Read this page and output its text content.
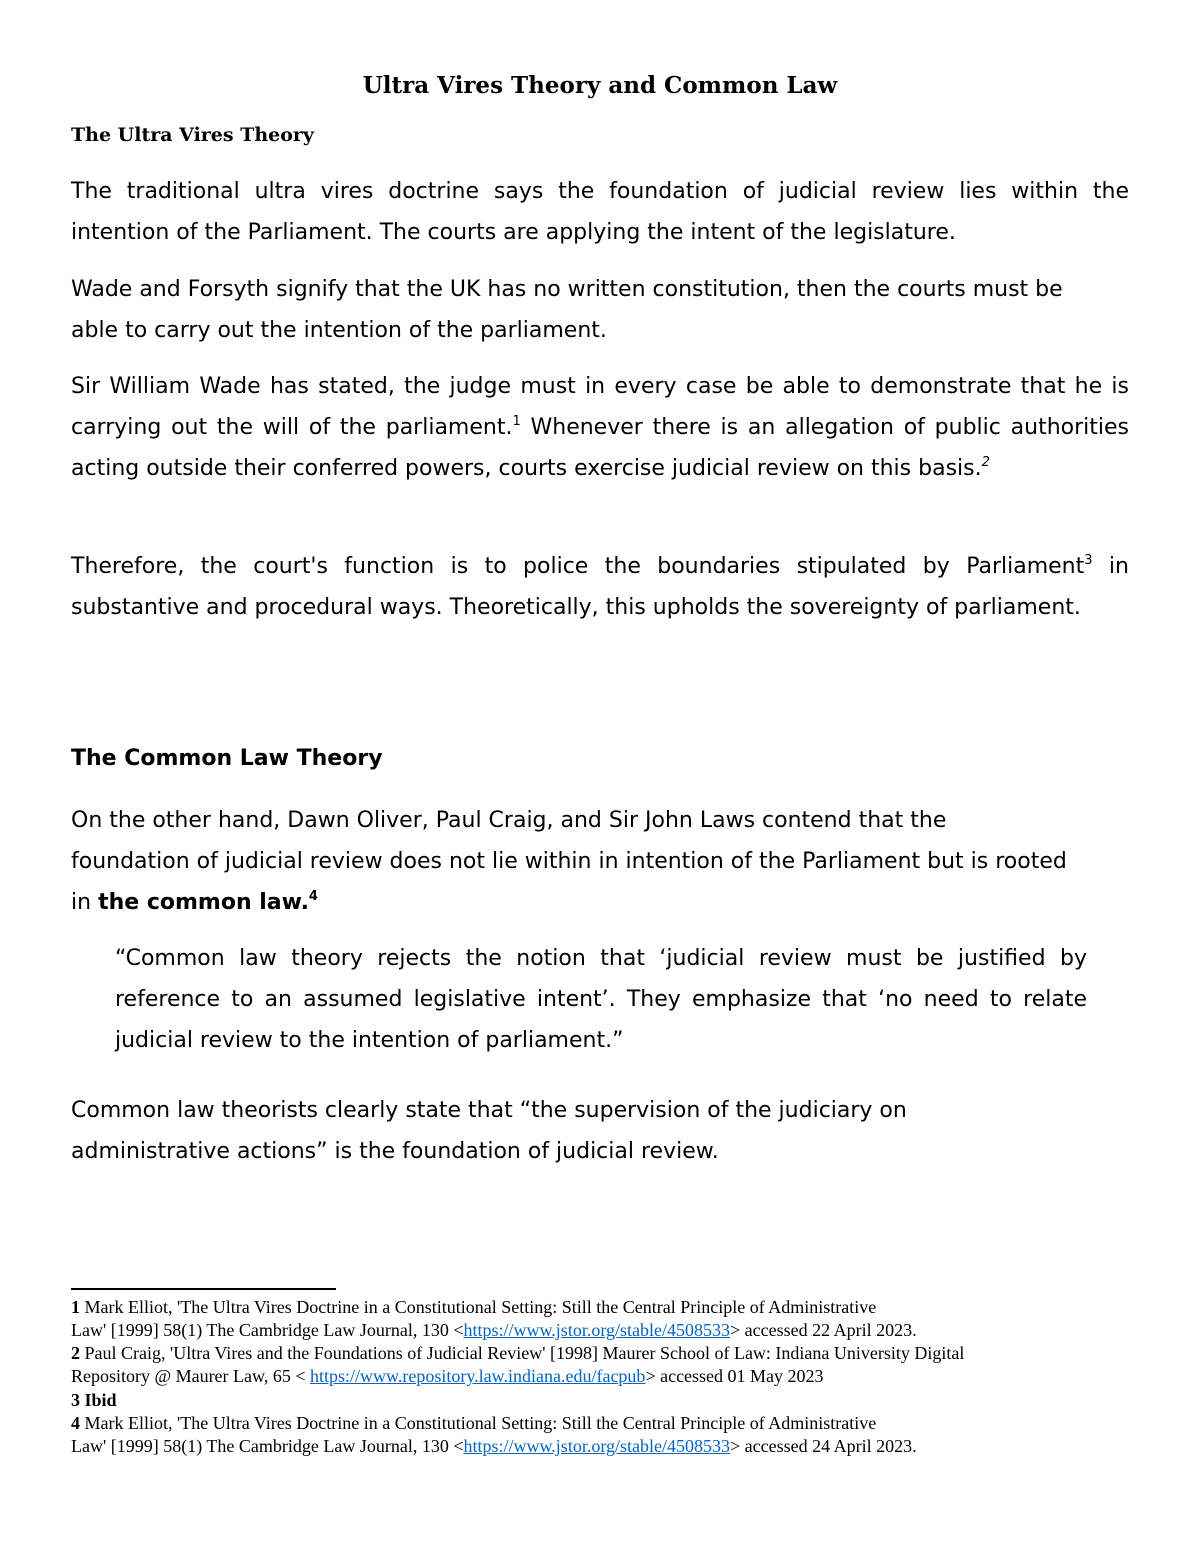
Ultra Vires Theory and Common Law
The Ultra Vires Theory

The traditional ultra vires doctrine says the foundation of judicial review lies within the intention of the Parliament. The courts are applying the intent of the legislature.

Wade and Forsyth signify that the UK has no written constitution, then the courts must be able to carry out the intention of the parliament.

Sir William Wade has stated, the judge must in every case be able to demonstrate that he is carrying out the will of the parliament.$^1$ Whenever there is an allegation of public authorities acting outside their conferred powers, courts exercise judicial review on this basis.$^2$

Therefore, the court's function is to police the boundaries stipulated by Parliament$^3$ in substantive and procedural ways. Theoretically, this upholds the sovereignty of parliament.

The Common Law Theory

On the other hand, Dawn Oliver, Paul Craig, and Sir John Laws contend that the foundation of judicial review does not lie within in intention of the Parliament but is rooted in the common law.$^4$

“Common law theory rejects the notion that ‘judicial review must be justified by reference to an assumed legislative intent’. They emphasize that ‘no need to relate judicial review to the intention of parliament.”

Common law theorists clearly state that “the supervision of the judiciary on administrative actions” is the foundation of judicial review.

1 Mark Elliot, 'The Ultra Vires Doctrine in a Constitutional Setting: Still the Central Principle of Administrative
Law' [1999] 58(1) The Cambridge Law Journal, 130 <https://www.jstor.org/stable/4508533> accessed 22 April 2023.

2 Paul Craig, 'Ultra Vires and the Foundations of Judicial Review' [1998] Maurer School of Law: Indiana University Digital
Repository @ Maurer Law, 65 < https://www.repository.law.indiana.edu/facpub> accessed 01 May 2023

3 Ibid

4 Mark Elliot, 'The Ultra Vires Doctrine in a Constitutional Setting: Still the Central Principle of Administrative
Law' [1999] 58(1) The Cambridge Law Journal, 130 <https://www.jstor.org/stable/4508533> accessed 24 April 2023.
